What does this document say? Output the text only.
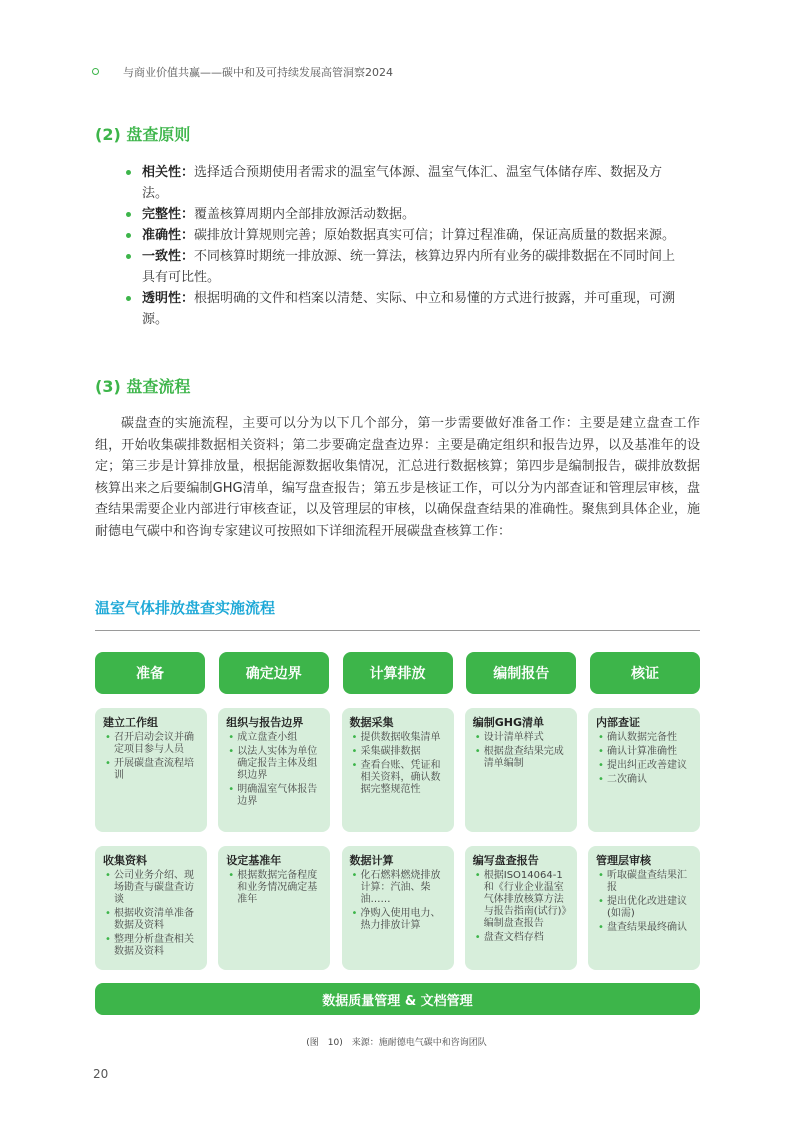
与商业价值共赢——碳中和及可持续发展高管洞察2024
(2) 盘查原则
相关性：选择适合预期使用者需求的温室气体源、温室气体汇、温室气体储存库、数据及方法。
完整性：覆盖核算周期内全部排放源活动数据。
准确性：碳排放计算规则完善；原始数据真实可信；计算过程准确，保证高质量的数据来源。
一致性：不同核算时期统一排放源、统一算法，核算边界内所有业务的碳排数据在不同时间上具有可比性。
透明性：根据明确的文件和档案以清楚、实际、中立和易懂的方式进行披露，并可重现，可溯源。
(3) 盘查流程

碳盘查的实施流程，主要可以分为以下几个部分，第一步需要做好准备工作：主要是建立盘查工作组，开始收集碳排数据相关资料；第二步要确定盘查边界：主要是确定组织和报告边界，以及基准年的设定；第三步是计算排放量，根据能源数据收集情况，汇总进行数据核算；第四步是编制报告，碳排放数据核算出来之后要编制GHG清单，编写盘查报告；第五步是核证工作，可以分为内部查证和管理层审核，盘查结果需要企业内部进行审核查证，以及管理层的审核，以确保盘查结果的准确性。聚焦到具体企业，施耐德电气碳中和咨询专家建议可按照如下详细流程开展碳盘查核算工作：

温室气体排放盘查实施流程
准备	确定边界	计算排放	编制报告	核证
建立工作组
• 召开启动会议并确定项目参与人员
• 开展碳盘查流程培训
组织与报告边界
• 成立盘查小组
• 以法人实体为单位确定报告主体及组织边界
• 明确温室气体报告边界
数据采集
• 提供数据收集清单
• 采集碳排数据
• 查看台账、凭证和相关资料，确认数据完整规范性
编制GHG清单
• 设计清单样式
• 根据盘查结果完成清单编制
内部查证
• 确认数据完备性
• 确认计算准确性
• 提出纠正改善建议
• 二次确认
收集资料
• 公司业务介绍、现场勘查与碳盘查访谈
• 根据收资清单准备数据及资料
• 整理分析盘查相关数据及资料
设定基准年
• 根据数据完备程度和业务情况确定基准年
数据计算
• 化石燃料燃烧排放计算：汽油、柴油……
• 净购入使用电力、热力排放计算
编写盘查报告
• 根据ISO14064-1和《行业企业温室气体排放核算方法与报告指南(试行)》编制盘查报告
• 盘查文档存档
管理层审核
• 听取碳盘查结果汇报
• 提出优化改进建议(如需)
• 盘查结果最终确认
数据质量管理 & 文档管理
(图　10)　来源：施耐德电气碳中和咨询团队
20
